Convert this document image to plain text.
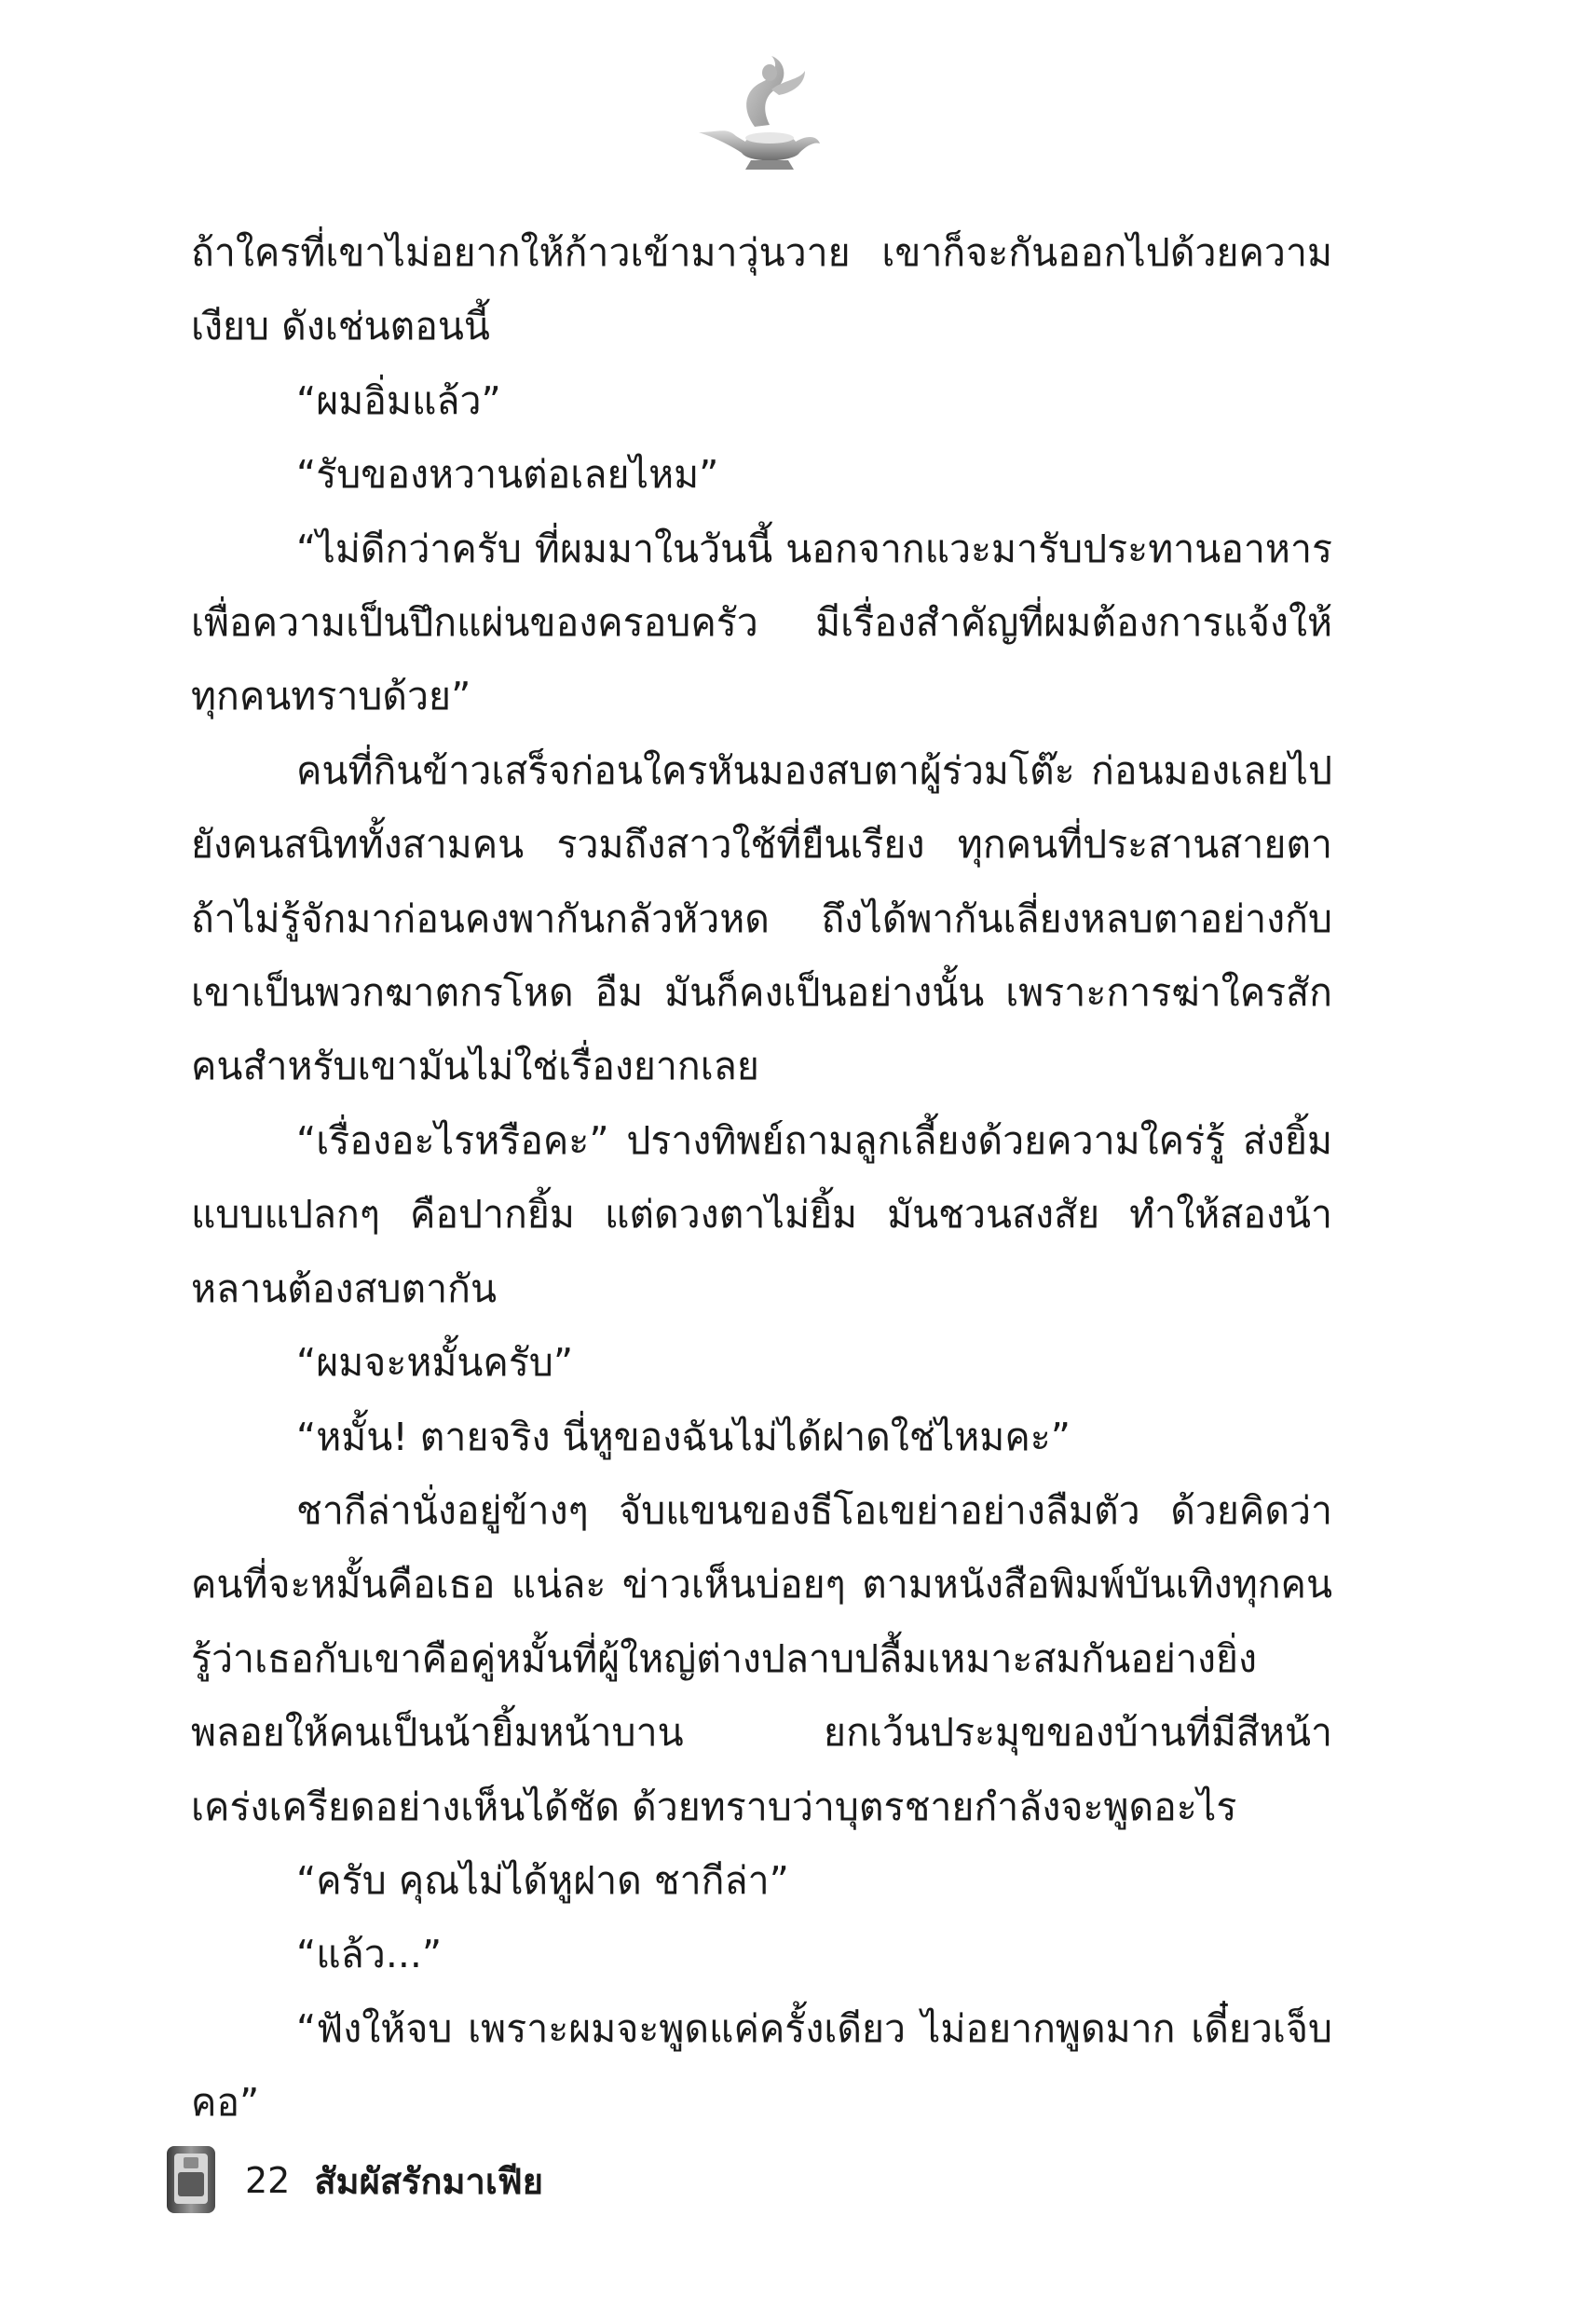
ถ้าใครที่เขาไม่อยากให้ก้าวเข้ามาวุ่นวาย เขาก็จะกันออกไปด้วยความเงียบ ดังเช่นตอนนี้

“ผมอิ่มแล้ว”

“รับของหวานต่อเลยไหม”

“ไม่ดีกว่าครับ ที่ผมมาในวันนี้ นอกจากแวะมารับประทานอาหารเพื่อความเป็นปึกแผ่นของครอบครัว มีเรื่องสำคัญที่ผมต้องการแจ้งให้ทุกคนทราบด้วย”

คนที่กินข้าวเสร็จก่อนใครหันมองสบตาผู้ร่วมโต๊ะ ก่อนมองเลยไปยังคนสนิททั้งสามคน รวมถึงสาวใช้ที่ยืนเรียง ทุกคนที่ประสานสายตา ถ้าไม่รู้จักมาก่อนคงพากันกลัวหัวหด ถึงได้พากันเลี่ยงหลบตาอย่างกับเขาเป็นพวกฆาตกรโหด อืม มันก็คงเป็นอย่างนั้น เพราะการฆ่าใครสักคนสำหรับเขามันไม่ใช่เรื่องยากเลย

“เรื่องอะไรหรือคะ” ปรางทิพย์ถามลูกเลี้ยงด้วยความใคร่รู้ ส่งยิ้มแบบแปลกๆ คือปากยิ้ม แต่ดวงตาไม่ยิ้ม มันชวนสงสัย ทำให้สองน้าหลานต้องสบตากัน

“ผมจะหมั้นครับ”

“หมั้น! ตายจริง นี่หูของฉันไม่ได้ฝาดใช่ไหมคะ”

ชากีล่านั่งอยู่ข้างๆ จับแขนของธีโอเขย่าอย่างลืมตัว ด้วยคิดว่าคนที่จะหมั้นคือเธอ แน่ละ ข่าวเห็นบ่อยๆ ตามหนังสือพิมพ์บันเทิงทุกคนรู้ว่าเธอกับเขาคือคู่หมั้นที่ผู้ใหญ่ต่างปลาบปลื้มเหมาะสมกันอย่างยิ่ง พลอยให้คนเป็นน้ายิ้มหน้าบาน ยกเว้นประมุขของบ้านที่มีสีหน้าเคร่งเครียดอย่างเห็นได้ชัด ด้วยทราบว่าบุตรชายกำลังจะพูดอะไร

“ครับ คุณไม่ได้หูฝาด ชากีล่า”

“แล้ว...”

“ฟังให้จบ เพราะผมจะพูดแค่ครั้งเดียว ไม่อยากพูดมาก เดี๋ยวเจ็บคอ”

22 สัมผัสรักมาเฟีย
